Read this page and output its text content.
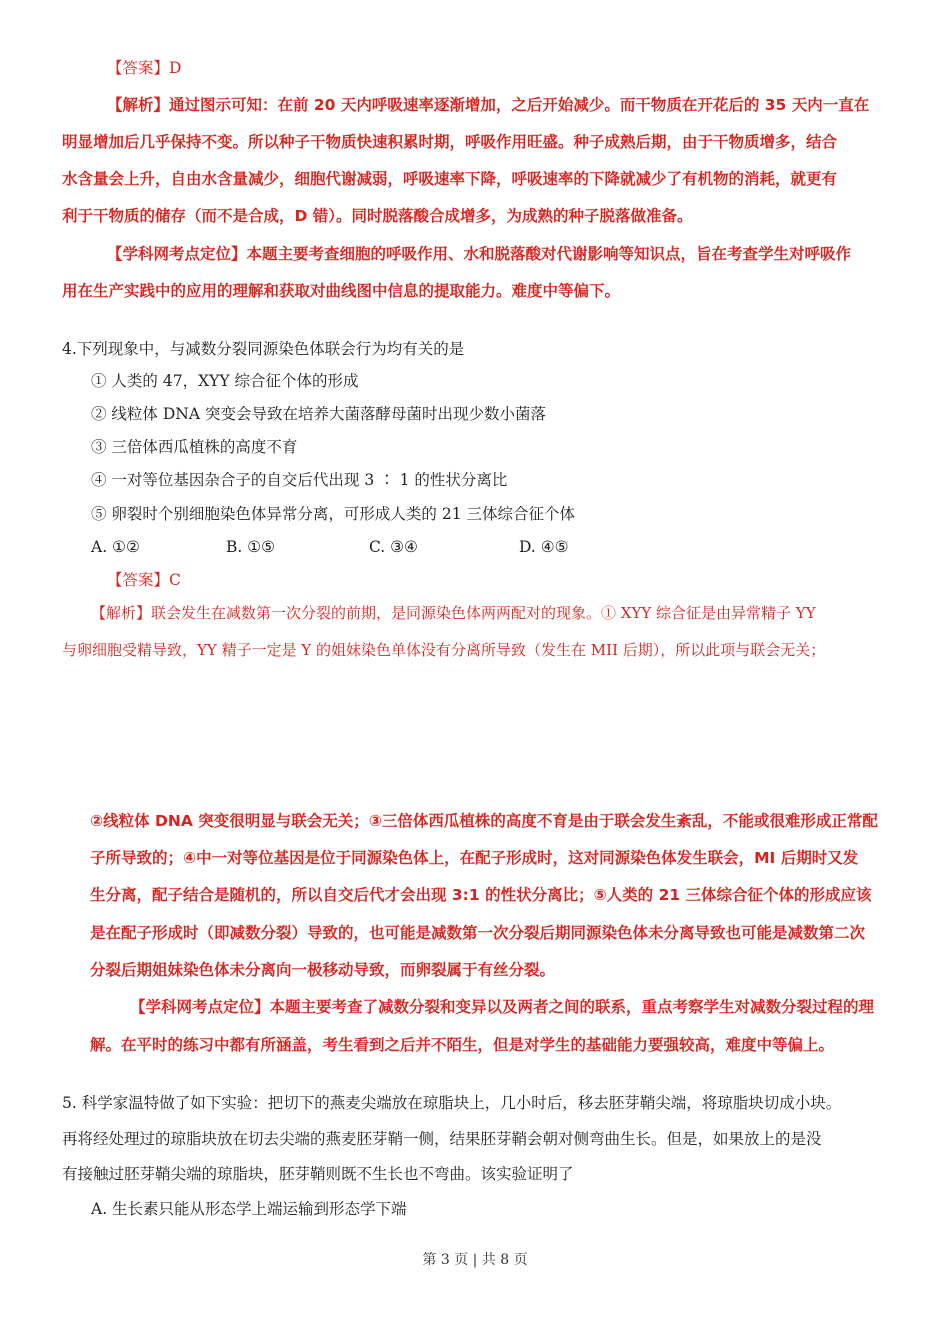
【答案】D
【解析】通过图示可知：在前 20 天内呼吸速率逐渐增加，之后开始减少。而干物质在开花后的 35 天内一直在
明显增加后几乎保持不变。所以种子干物质快速积累时期，呼吸作用旺盛。种子成熟后期，由于干物质增多，结合
水含量会上升，自由水含量减少，细胞代谢减弱，呼吸速率下降，呼吸速率的下降就减少了有机物的消耗，就更有
利于干物质的储存（而不是合成，D 错）。同时脱落酸合成增多，为成熟的种子脱落做准备。
【学科网考点定位】本题主要考查细胞的呼吸作用、水和脱落酸对代谢影响等知识点，旨在考查学生对呼吸作
用在生产实践中的应用的理解和获取对曲线图中信息的提取能力。难度中等偏下。
4.下列现象中，与减数分裂同源染色体联会行为均有关的是
① 人类的 47，XYY 综合征个体的形成
② 线粒体 DNA 突变会导致在培养大菌落酵母菌时出现少数小菌落
③ 三倍体西瓜植株的高度不育
④ 一对等位基因杂合子的自交后代出现 3 ∶ 1 的性状分离比
⑤ 卵裂时个别细胞染色体异常分离，可形成人类的 21 三体综合征个体
A. ①②	B. ①⑤	C. ③④	D. ④⑤
【答案】C
【解析】联会发生在减数第一次分裂的前期，是同源染色体两两配对的现象。① XYY 综合征是由异常精子 YY
与卵细胞受精导致，YY 精子一定是 Y 的姐妹染色单体没有分离所导致（发生在 MII 后期），所以此项与联会无关；
②线粒体 DNA 突变很明显与联会无关；③三倍体西瓜植株的高度不育是由于联会发生紊乱，不能或很难形成正常配
子所导致的；④中一对等位基因是位于同源染色体上，在配子形成时，这对同源染色体发生联会，MI 后期时又发
生分离，配子结合是随机的，所以自交后代才会出现 3:1 的性状分离比；⑤人类的 21 三体综合征个体的形成应该
是在配子形成时（即减数分裂）导致的，也可能是减数第一次分裂后期同源染色体未分离导致也可能是减数第二次
分裂后期姐妹染色体未分离向一极移动导致，而卵裂属于有丝分裂。
【学科网考点定位】本题主要考查了减数分裂和变异以及两者之间的联系，重点考察学生对减数分裂过程的理
解。在平时的练习中都有所涵盖，考生看到之后并不陌生，但是对学生的基础能力要强较高，难度中等偏上。
5. 科学家温特做了如下实验：把切下的燕麦尖端放在琼脂块上，几小时后，移去胚芽鞘尖端，将琼脂块切成小块。
再将经处理过的琼脂块放在切去尖端的燕麦胚芽鞘一侧，结果胚芽鞘会朝对侧弯曲生长。但是，如果放上的是没
有接触过胚芽鞘尖端的琼脂块，胚芽鞘则既不生长也不弯曲。该实验证明了
A. 生长素只能从形态学上端运输到形态学下端
第 3 页 | 共 8 页
